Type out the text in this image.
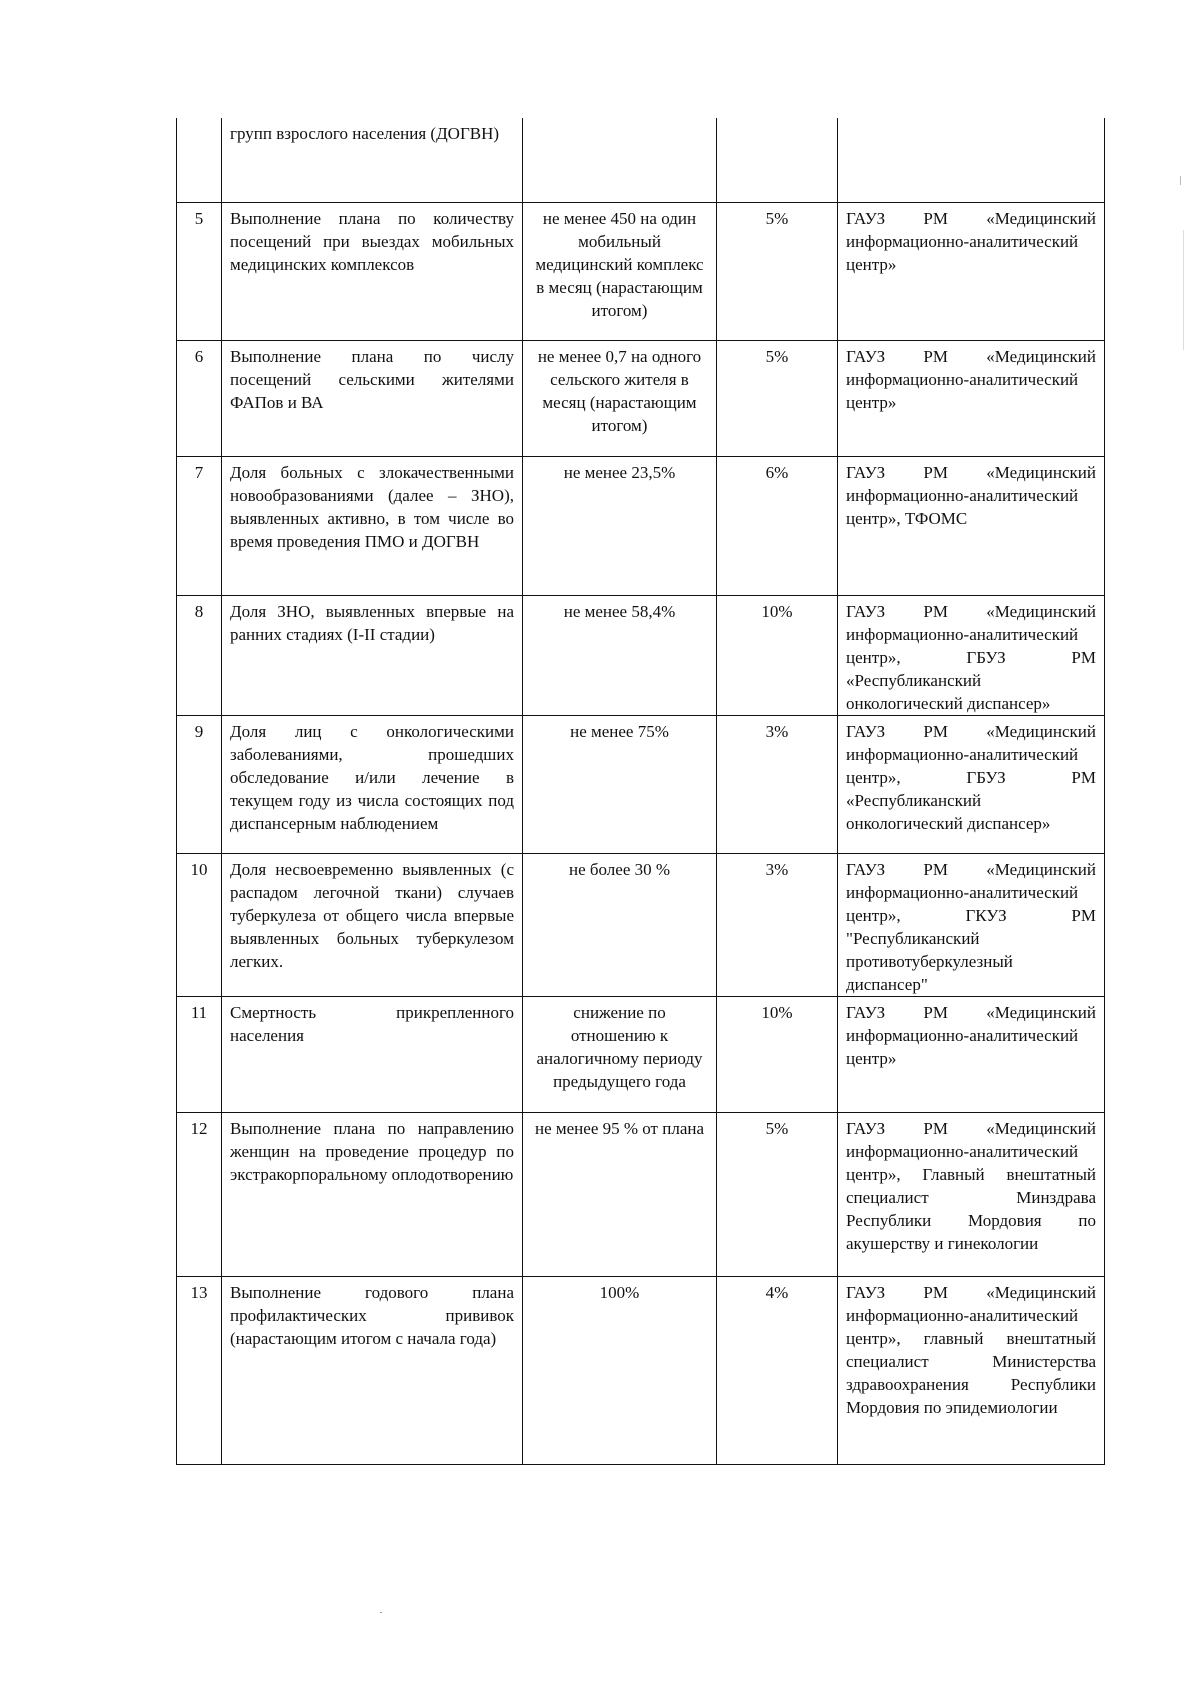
	групп взрослого населения (ДОГВН)			
5	Выполнение плана по количеству посещений при выездах мобильных медицинских комплексов	не менее 450 на один мобильный медицинский комплекс в месяц (нарастающим итогом)	5%	ГАУЗ РМ «Медицинский информационно-аналитический центр»
6	Выполнение плана по числу посещений сельскими жителями ФАПов и ВА	не менее 0,7 на одного сельского жителя в месяц (нарастающим итогом)	5%	ГАУЗ РМ «Медицинский информационно-аналитический центр»
7	Доля больных с злокачественными новообразованиями (далее – ЗНО), выявленных активно, в том числе во время проведения ПМО и ДОГВН	не менее 23,5%	6%	ГАУЗ РМ «Медицинский информационно-аналитический центр», ТФОМС
8	Доля ЗНО, выявленных впервые на ранних стадиях (I-II стадии)	не менее 58,4%	10%	ГАУЗ РМ «Медицинский информационно-аналитический центр», ГБУЗ РМ «Республиканский онкологический диспансер»
9	Доля лиц с онкологическими заболеваниями, прошедших обследование и/или лечение в текущем году из числа состоящих под диспансерным наблюдением	не менее 75%	3%	ГАУЗ РМ «Медицинский информационно-аналитический центр», ГБУЗ РМ «Республиканский онкологический диспансер»
10	Доля несвоевременно выявленных (с распадом легочной ткани) случаев туберкулеза от общего числа впервые выявленных больных туберкулезом легких.	не более 30 %	3%	ГАУЗ РМ «Медицинский информационно-аналитический центр», ГКУЗ РМ "Республиканский противотуберкулезный диспансер"
11	Смертность прикрепленного населения	снижение по отношению к аналогичному периоду предыдущего года	10%	ГАУЗ РМ «Медицинский информационно-аналитический центр»
12	Выполнение плана по направлению женщин на проведение процедур по экстракорпоральному оплодотворению	не менее 95 % от плана	5%	ГАУЗ РМ «Медицинский информационно-аналитический центр», Главный внештатный специалист Минздрава Республики Мордовия по акушерству и гинекологии
13	Выполнение годового плана профилактических прививок (нарастающим итогом с начала года)	100%	4%	ГАУЗ РМ «Медицинский информационно-аналитический центр», главный внештатный специалист Министерства здравоохранения Республики Мордовия по эпидемиологии
